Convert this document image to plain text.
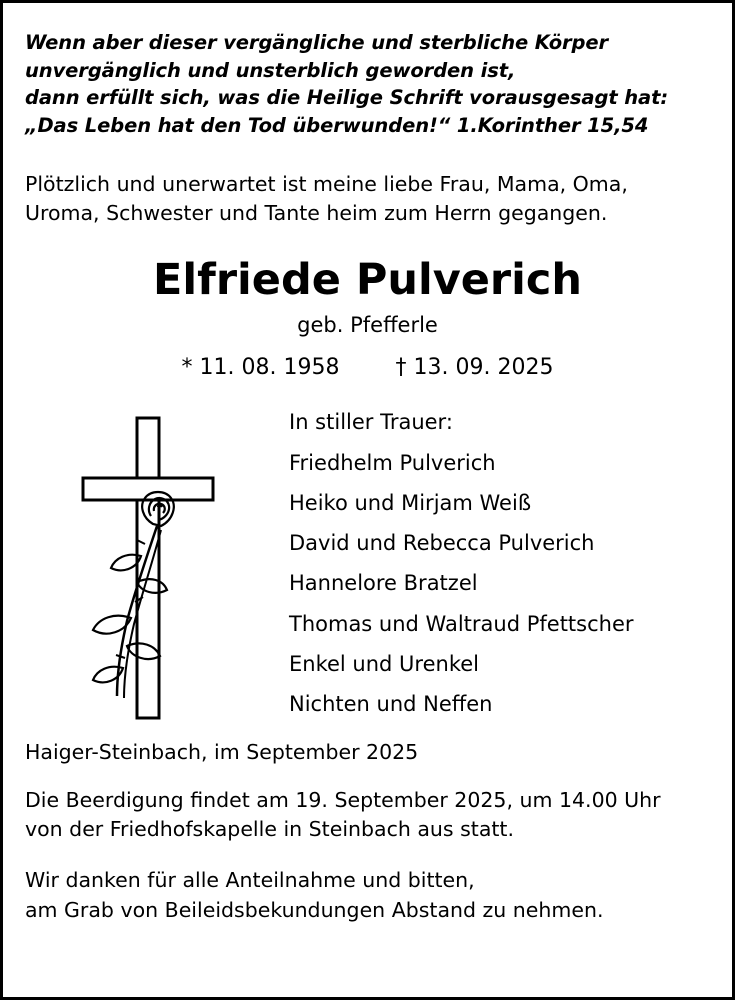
Wenn aber dieser vergängliche und sterbliche Körper
unvergänglich und unsterblich geworden ist,
dann erfüllt sich, was die Heilige Schrift vorausgesagt hat:
„Das Leben hat den Tod überwunden!“ 1.Korinther 15,54
Plötzlich und unerwartet ist meine liebe Frau, Mama, Oma,
Uroma, Schwester und Tante heim zum Herrn gegangen.
Elfriede Pulverich
geb. Pfefferle
* 11. 08. 1958	† 13. 09. 2025
In stiller Trauer:
Friedhelm Pulverich
Heiko und Mirjam Weiß
David und Rebecca Pulverich
Hannelore Bratzel
Thomas und Waltraud Pfettscher
Enkel und Urenkel
Nichten und Neffen
Haiger-Steinbach, im September 2025
Die Beerdigung findet am 19. September 2025, um 14.00 Uhr
von der Friedhofskapelle in Steinbach aus statt.
Wir danken für alle Anteilnahme und bitten,
am Grab von Beileidsbekundungen Abstand zu nehmen.
